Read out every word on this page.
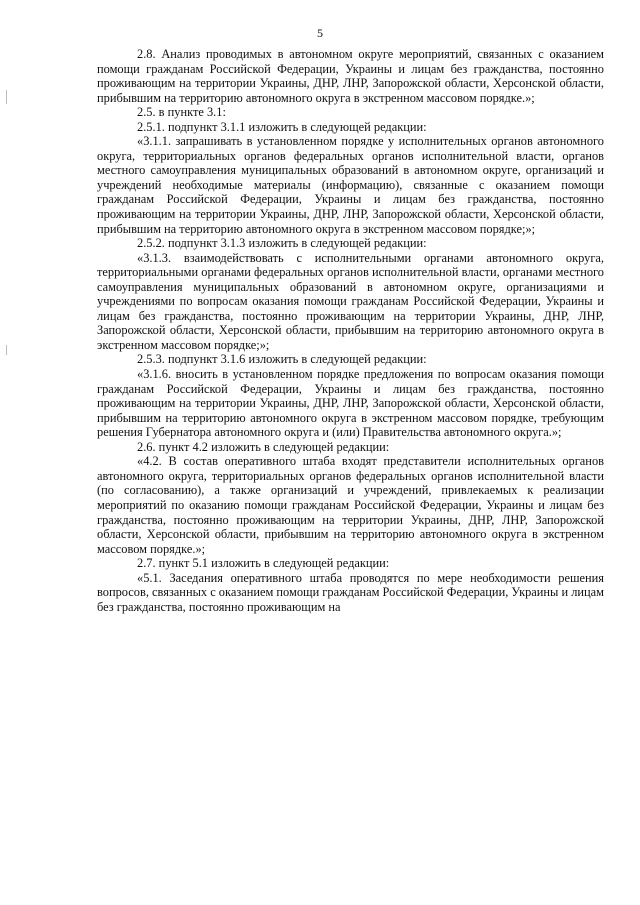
5

2.8. Анализ проводимых в автономном округе мероприятий, связанных с оказанием помощи гражданам Российской Федерации, Украины и лицам без гражданства, постоянно проживающим на территории Украины, ДНР, ЛНР, Запорожской области, Херсонской области, прибывшим на территорию автономного округа в экстренном массовом порядке.»;

2.5. в пункте 3.1:

2.5.1. подпункт 3.1.1 изложить в следующей редакции:

«3.1.1. запрашивать в установленном порядке у исполнительных органов автономного округа, территориальных органов федеральных органов исполнительной власти, органов местного самоуправления муниципальных образований в автономном округе, организаций и учреждений необходимые материалы (информацию), связанные с оказанием помощи гражданам Российской Федерации, Украины и лицам без гражданства, постоянно проживающим на территории Украины, ДНР, ЛНР, Запорожской области, Херсонской области, прибывшим на территорию автономного округа в экстренном массовом порядке;»;

2.5.2. подпункт 3.1.3 изложить в следующей редакции:

«3.1.3. взаимодействовать с исполнительными органами автономного округа, территориальными органами федеральных органов исполнительной власти, органами местного самоуправления муниципальных образований в автономном округе, организациями и учреждениями по вопросам оказания помощи гражданам Российской Федерации, Украины и лицам без гражданства, постоянно проживающим на территории Украины, ДНР, ЛНР, Запорожской области, Херсонской области, прибывшим на территорию автономного округа в экстренном массовом порядке;»;

2.5.3. подпункт 3.1.6 изложить в следующей редакции:

«3.1.6. вносить в установленном порядке предложения по вопросам оказания помощи гражданам Российской Федерации, Украины и лицам без гражданства, постоянно проживающим на территории Украины, ДНР, ЛНР, Запорожской области, Херсонской области, прибывшим на территорию автономного округа в экстренном массовом порядке, требующим решения Губернатора автономного округа и (или) Правительства автономного округа.»;

2.6. пункт 4.2 изложить в следующей редакции:

«4.2. В состав оперативного штаба входят представители исполнительных органов автономного округа, территориальных органов федеральных органов исполнительной власти (по согласованию), а также организаций и учреждений, привлекаемых к реализации мероприятий по оказанию помощи гражданам Российской Федерации, Украины и лицам без гражданства, постоянно проживающим на территории Украины, ДНР, ЛНР, Запорожской области, Херсонской области, прибывшим на территорию автономного округа в экстренном массовом порядке.»;

2.7. пункт 5.1 изложить в следующей редакции:

«5.1. Заседания оперативного штаба проводятся по мере необходимости решения вопросов, связанных с оказанием помощи гражданам Российской Федерации, Украины и лицам без гражданства, постоянно проживающим на
